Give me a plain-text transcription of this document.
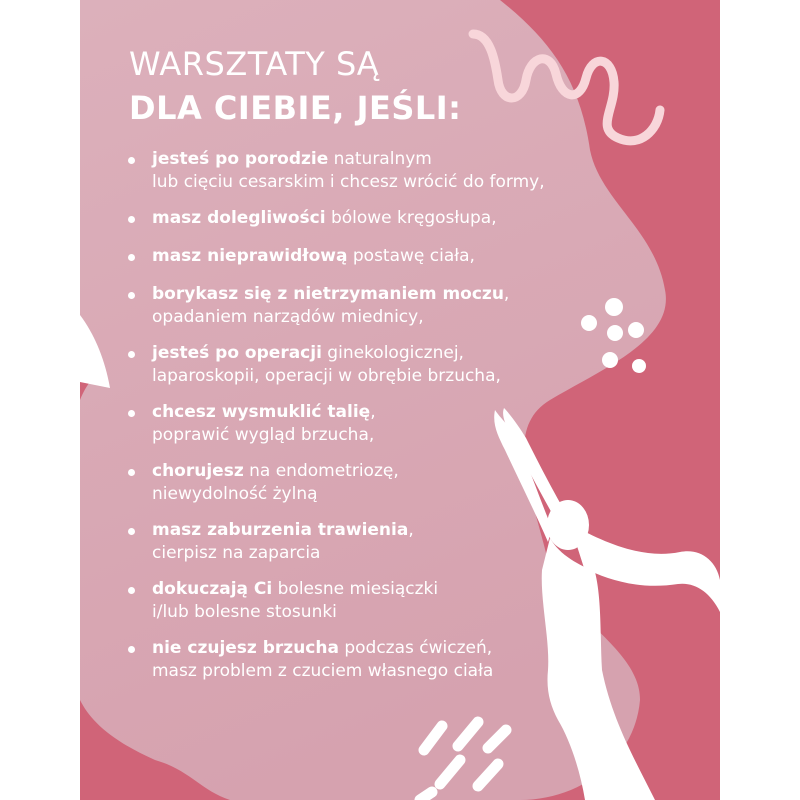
WARSZTATY SĄ
DLA CIEBIE, JEŚLI:
jesteś po porodzie naturalnym
lub cięciu cesarskim i chcesz wrócić do formy,
masz dolegliwości bólowe kręgosłupa,
masz nieprawidłową postawę ciała,
borykasz się z nietrzymaniem moczu,
opadaniem narządów miednicy,
jesteś po operacji ginekologicznej,
laparoskopii, operacji w obrębie brzucha,
chcesz wysmuklić talię,
poprawić wygląd brzucha,
chorujesz na endometriozę,
niewydolność żylną
masz zaburzenia trawienia,
cierpisz na zaparcia
dokuczają Ci bolesne miesiączki
i/lub bolesne stosunki
nie czujesz brzucha podczas ćwiczeń,
masz problem z czuciem własnego ciała
